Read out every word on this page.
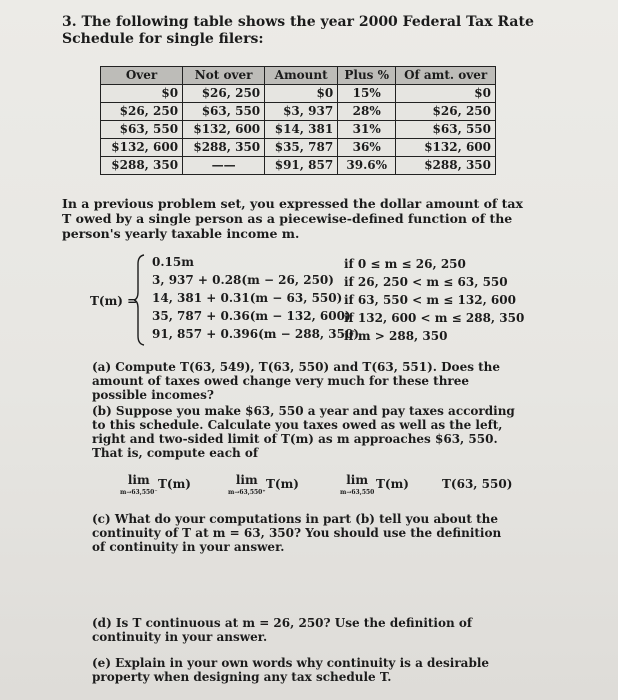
3. The following table shows the year 2000 Federal Tax Rate Schedule for single filers:
Over	Not over	Amount	Plus %	Of amt. over
$0	$26, 250	$0	15%	$0
$26, 250	$63, 550	$3, 937	28%	$26, 250
$63, 550	$132, 600	$14, 381	31%	$63, 550
$132, 600	$288, 350	$35, 787	36%	$132, 600
$288, 350	——	$91, 857	39.6%	$288, 350
In a previous problem set, you expressed the dollar amount of tax T owed by a single person as a piecewise-defined function of the person's yearly taxable income m.
T(m) =
0.15m	if 0 ≤ m ≤ 26, 250
3, 937 + 0.28(m − 26, 250) if 26, 250 < m ≤ 63, 550
14, 381 + 0.31(m − 63, 550) if 63, 550 < m ≤ 132, 600
35, 787 + 0.36(m − 132, 600)
if 132, 600 < m ≤ 288, 350
91, 857 + 0.396(m − 288, 350)
if m > 288, 350
(a) Compute T(63, 549), T(63, 550) and T(63, 551). Does the amount of taxes owed change very much for these three possible incomes?
(b) Suppose you make $63, 550 a year and pay taxes according to this schedule. Calculate you taxes owed as well as the left, right and two-sided limit of T(m) as m approaches $63, 550. That is, compute each of
lim
m→63,550⁻
T(m)	lim
m→63,550⁺
T(m)	lim
m→63,550
T(m)	T(63, 550)
(c) What do your computations in part (b) tell you about the continuity of T at m = 63, 350? You should use the definition of continuity in your answer.
(d) Is T continuous at m = 26, 250? Use the definition of continuity in your answer.
(e) Explain in your own words why continuity is a desirable property when designing any tax schedule T.
